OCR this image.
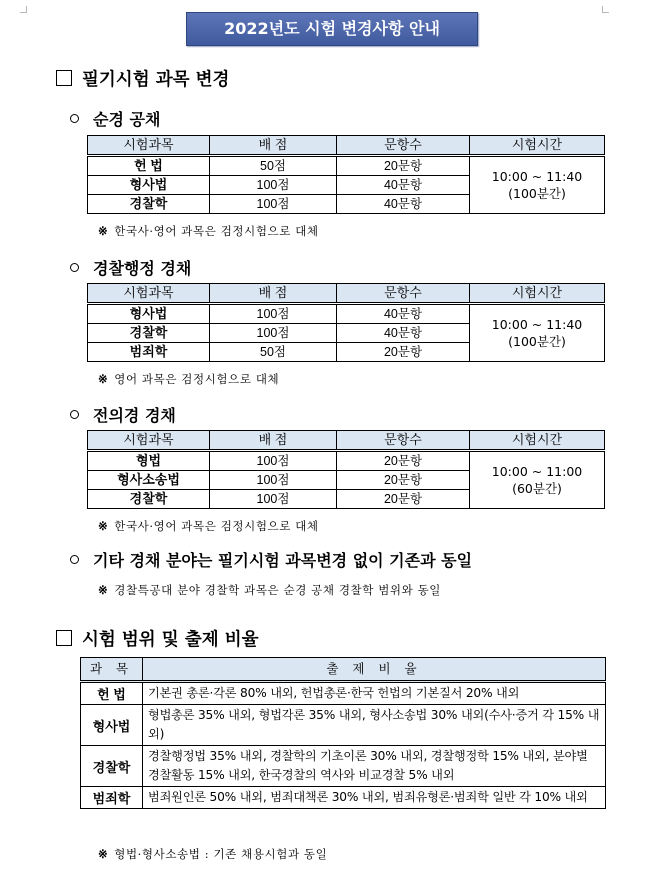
2022년도 시험 변경사항 안내
필기시험 과목 변경
순경 공채
시험과목	배 점	문항수	시험시간
헌 법	50점	20문항	10:00 ~ 11:40
(100분간)

형사법	100점	40문항	
경찰학	100점	40문항	
※ 한국사·영어 과목은 검정시험으로 대체
경찰행정 경채
시험과목	배 점	문항수	시험시간
형사법	100점	40문항	10:00 ~ 11:40
(100분간)

경찰학	100점	40문항	
범죄학	50점	20문항	
※ 영어 과목은 검정시험으로 대체
전의경 경채
시험과목	배 점	문항수	시험시간
형법	100점	20문항	10:00 ~ 11:00
(60분간)

형사소송법	100점	20문항	
경찰학	100점	20문항	
※ 한국사·영어 과목은 검정시험으로 대체
기타 경채 분야는 필기시험 과목변경 없이 기존과 동일
※ 경찰특공대 분야 경찰학 과목은 순경 공채 경찰학 범위와 동일
시험 범위 및 출제 비율
과 목	출 제 비 율
헌 법	기본권 총론·각론 80% 내외, 헌법총론·한국 헌법의 기본질서 20% 내외
형사법	형법총론 35% 내외, 형법각론 35% 내외, 형사소송법 30% 내외(수사·증거 각 15% 내외)
경찰학	경찰행정법 35% 내외, 경찰학의 기초이론 30% 내외, 경찰행정학 15% 내외, 분야별 경찰활동 15% 내외, 한국경찰의 역사와 비교경찰 5% 내외
범죄학	범죄원인론 50% 내외, 범죄대책론 30% 내외, 범죄유형론·범죄학 일반 각 10% 내외
※ 형법·형사소송법 : 기존 채용시험과 동일
